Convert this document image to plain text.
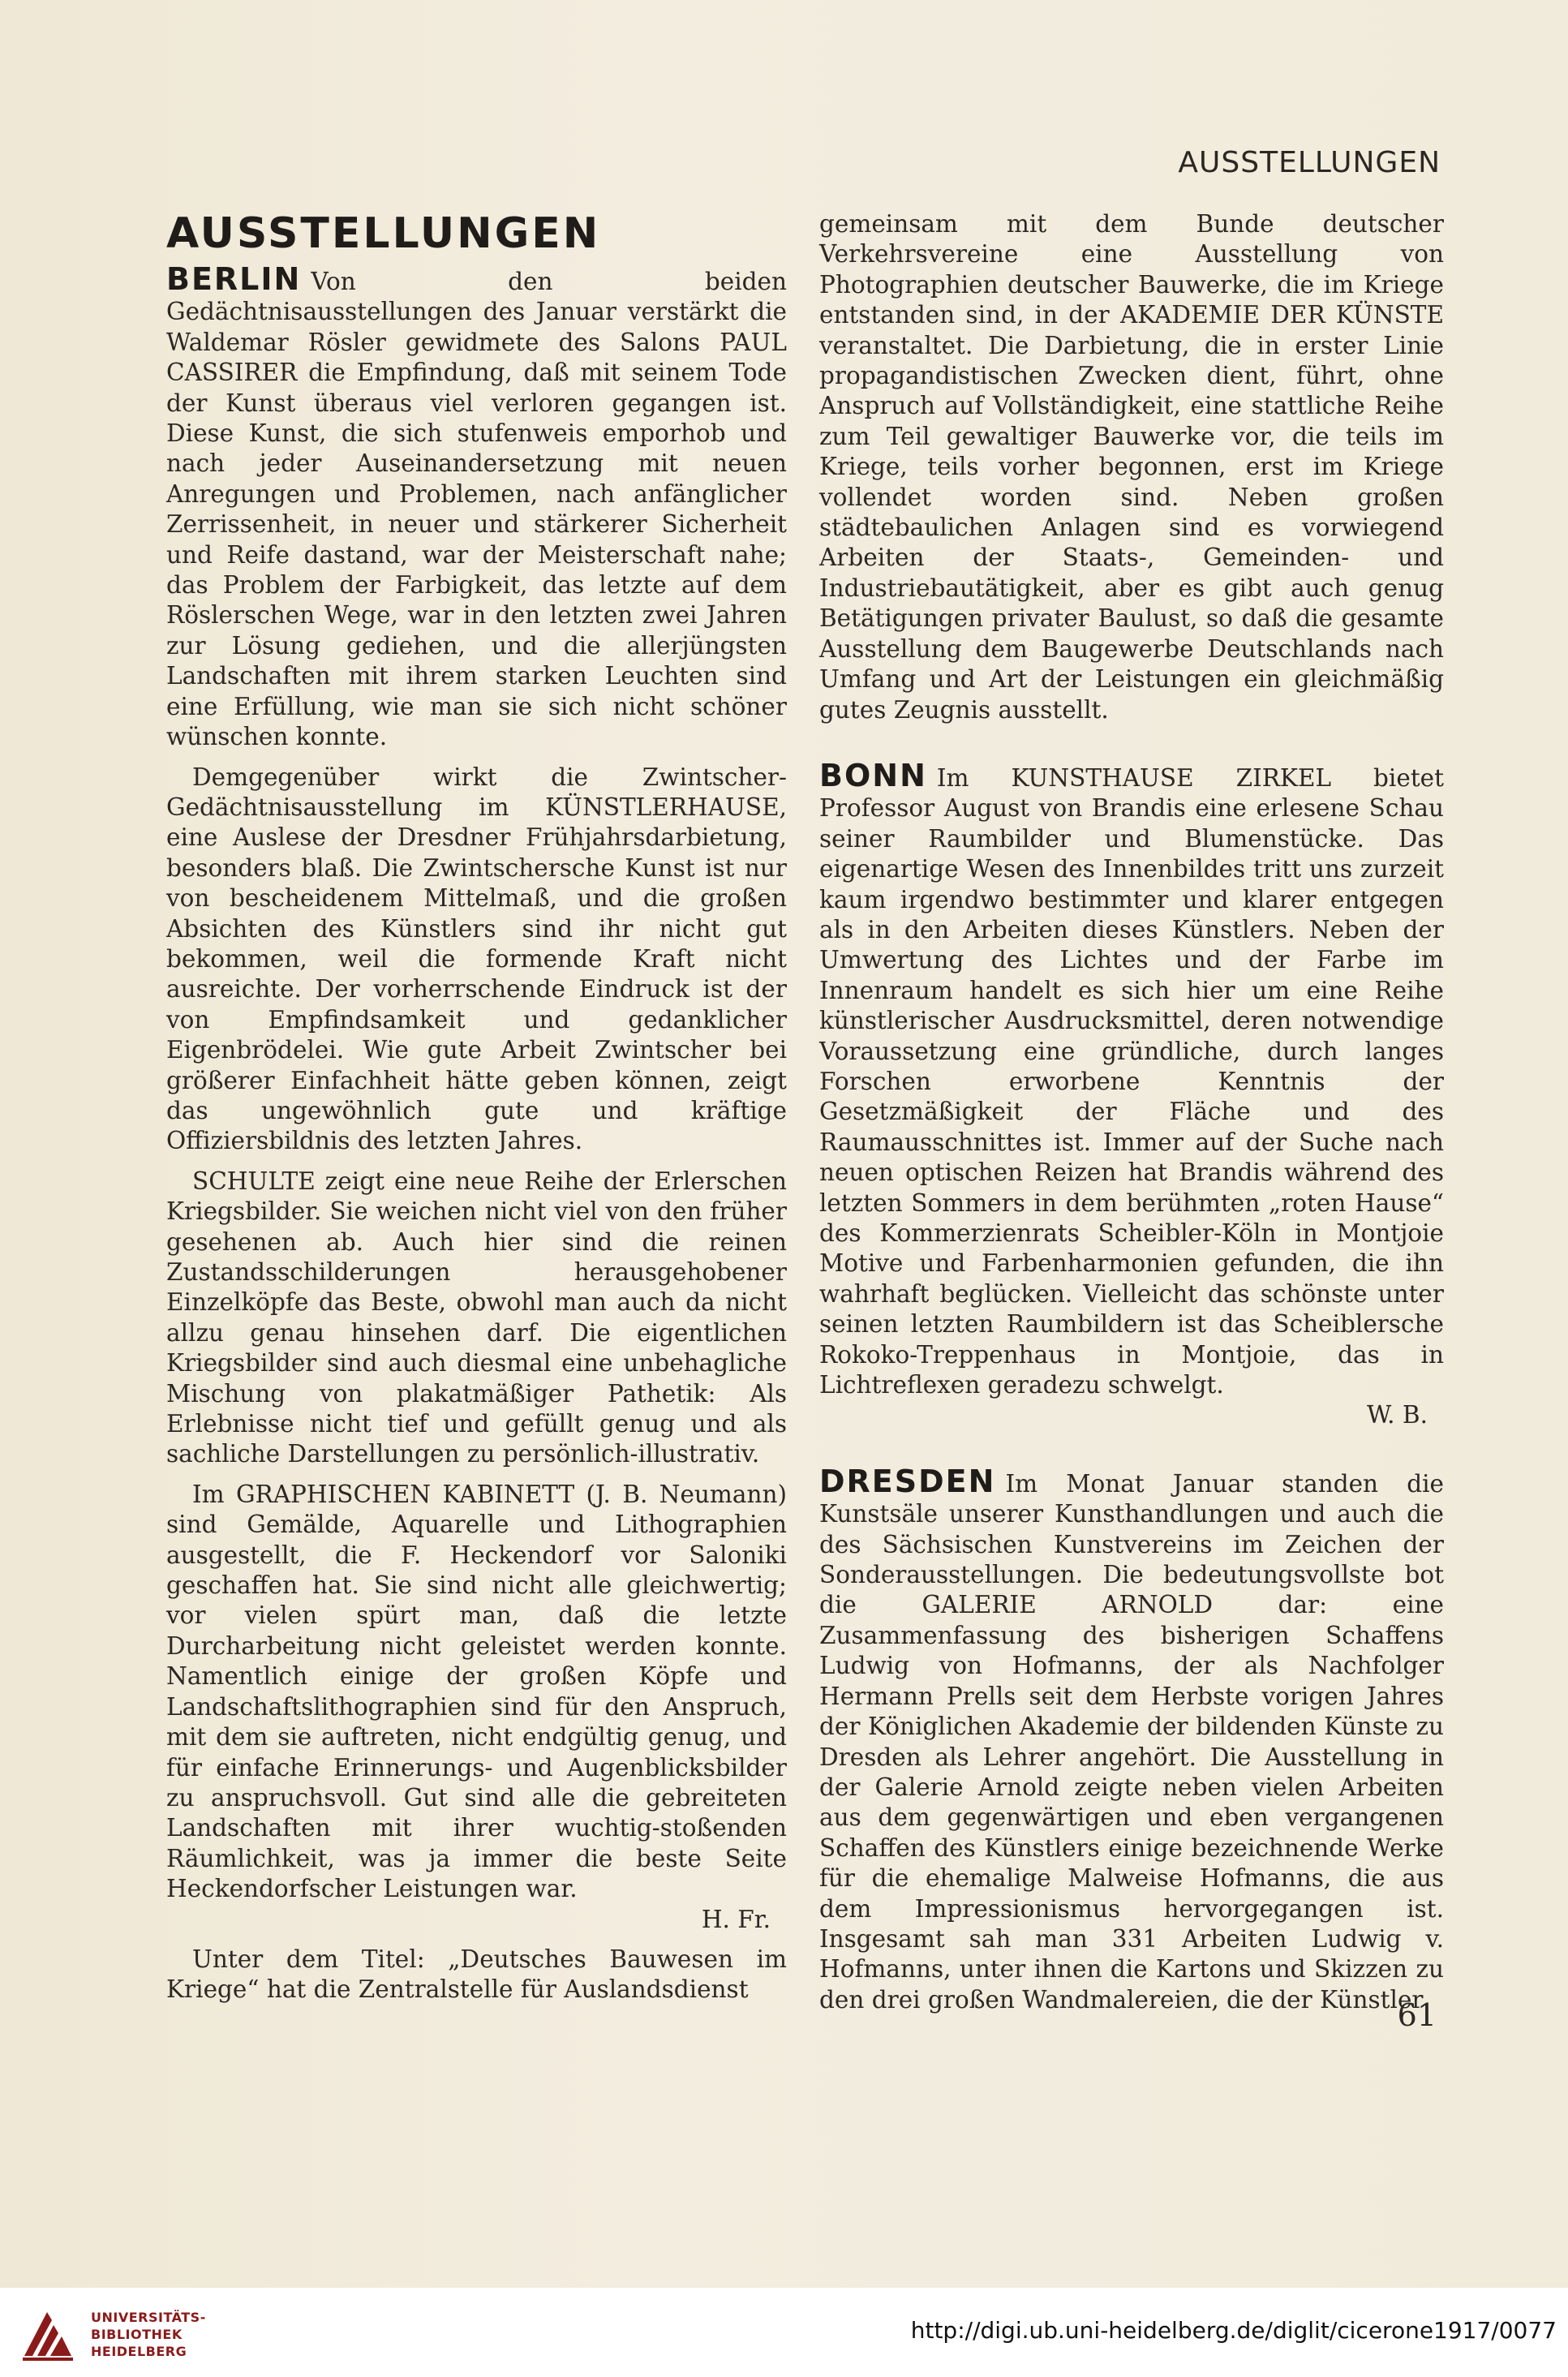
AUSSTELLUNGEN
AUSSTELLUNGEN

BERLIN Von den beiden Gedächtnisausstellungen des Januar verstärkt die Waldemar Rösler gewidmete des Salons PAUL CASSIRER die Empfindung, daß mit seinem Tode der Kunst überaus viel verloren gegangen ist. Diese Kunst, die sich stufenweis emporhob und nach jeder Auseinandersetzung mit neuen Anregungen und Problemen, nach anfänglicher Zerrissenheit, in neuer und stärkerer Sicherheit und Reife dastand, war der Meisterschaft nahe; das Problem der Farbigkeit, das letzte auf dem Röslerschen Wege, war in den letzten zwei Jahren zur Lösung gediehen, und die allerjüngsten Landschaften mit ihrem starken Leuchten sind eine Erfüllung, wie man sie sich nicht schöner wünschen konnte.

Demgegenüber wirkt die Zwintscher-Gedächtnisausstellung im KÜNSTLERHAUSE, eine Auslese der Dresdner Frühjahrsdarbietung, besonders blaß. Die Zwintschersche Kunst ist nur von bescheidenem Mittelmaß, und die großen Absichten des Künstlers sind ihr nicht gut bekommen, weil die formende Kraft nicht ausreichte. Der vorherrschende Eindruck ist der von Empfindsamkeit und gedanklicher Eigenbrödelei. Wie gute Arbeit Zwintscher bei größerer Einfachheit hätte geben können, zeigt das ungewöhnlich gute und kräftige Offiziersbildnis des letzten Jahres.

SCHULTE zeigt eine neue Reihe der Erlerschen Kriegsbilder. Sie weichen nicht viel von den früher gesehenen ab. Auch hier sind die reinen Zustandsschilderungen herausgehobener Einzelköpfe das Beste, obwohl man auch da nicht allzu genau hinsehen darf. Die eigentlichen Kriegsbilder sind auch diesmal eine unbehagliche Mischung von plakatmäßiger Pathetik: Als Erlebnisse nicht tief und gefüllt genug und als sachliche Darstellungen zu persönlich-illustrativ.

Im GRAPHISCHEN KABINETT (J. B. Neumann) sind Gemälde, Aquarelle und Lithographien ausgestellt, die F. Heckendorf vor Saloniki geschaffen hat. Sie sind nicht alle gleichwertig; vor vielen spürt man, daß die letzte Durcharbeitung nicht geleistet werden konnte. Namentlich einige der großen Köpfe und Landschaftslithographien sind für den Anspruch, mit dem sie auftreten, nicht endgültig genug, und für einfache Erinnerungs- und Augenblicksbilder zu anspruchsvoll. Gut sind alle die gebreiteten Landschaften mit ihrer wuchtig-stoßenden Räumlichkeit, was ja immer die beste Seite Heckendorfscher Leistungen war.
H. Fr.

Unter dem Titel: „Deutsches Bauwesen im Kriege“ hat die Zentralstelle für Auslandsdienst

gemeinsam mit dem Bunde deutscher Verkehrsvereine eine Ausstellung von Photographien deutscher Bauwerke, die im Kriege entstanden sind, in der AKADEMIE DER KÜNSTE veranstaltet. Die Darbietung, die in erster Linie propagandistischen Zwecken dient, führt, ohne Anspruch auf Vollständigkeit, eine stattliche Reihe zum Teil gewaltiger Bauwerke vor, die teils im Kriege, teils vorher begonnen, erst im Kriege vollendet worden sind. Neben großen städtebaulichen Anlagen sind es vorwiegend Arbeiten der Staats-, Gemeinden- und Industriebautätigkeit, aber es gibt auch genug Betätigungen privater Baulust, so daß die gesamte Ausstellung dem Baugewerbe Deutschlands nach Umfang und Art der Leistungen ein gleichmäßig gutes Zeugnis ausstellt.

BONN Im KUNSTHAUSE ZIRKEL bietet Professor August von Brandis eine erlesene Schau seiner Raumbilder und Blumenstücke. Das eigenartige Wesen des Innenbildes tritt uns zurzeit kaum irgendwo bestimmter und klarer entgegen als in den Arbeiten dieses Künstlers. Neben der Umwertung des Lichtes und der Farbe im Innenraum handelt es sich hier um eine Reihe künstlerischer Ausdrucksmittel, deren notwendige Voraussetzung eine gründliche, durch langes Forschen erworbene Kenntnis der Gesetzmäßigkeit der Fläche und des Raumausschnittes ist. Immer auf der Suche nach neuen optischen Reizen hat Brandis während des letzten Sommers in dem berühmten „roten Hause“ des Kommerzienrats Scheibler-Köln in Montjoie Motive und Farbenharmonien gefunden, die ihn wahrhaft beglücken. Vielleicht das schönste unter seinen letzten Raumbildern ist das Scheiblersche Rokoko-Treppenhaus in Montjoie, das in Lichtreflexen geradezu schwelgt.
W. B.

DRESDEN Im Monat Januar standen die Kunstsäle unserer Kunsthandlungen und auch die des Sächsischen Kunstvereins im Zeichen der Sonderausstellungen. Die bedeutungsvollste bot die GALERIE ARNOLD dar: eine Zusammenfassung des bisherigen Schaffens Ludwig von Hofmanns, der als Nachfolger Hermann Prells seit dem Herbste vorigen Jahres der Königlichen Akademie der bildenden Künste zu Dresden als Lehrer angehört. Die Ausstellung in der Galerie Arnold zeigte neben vielen Arbeiten aus dem gegenwärtigen und eben vergangenen Schaffen des Künstlers einige bezeichnende Werke für die ehemalige Malweise Hofmanns, die aus dem Impressionismus hervorgegangen ist. Insgesamt sah man 331 Arbeiten Ludwig v. Hofmanns, unter ihnen die Kartons und Skizzen zu den drei großen Wandmalereien, die der Künstler

61
UNIVERSITÄTS-
BIBLIOTHEK
HEIDELBERG
http://digi.ub.uni-heidelberg.de/diglit/cicerone1917/0077
